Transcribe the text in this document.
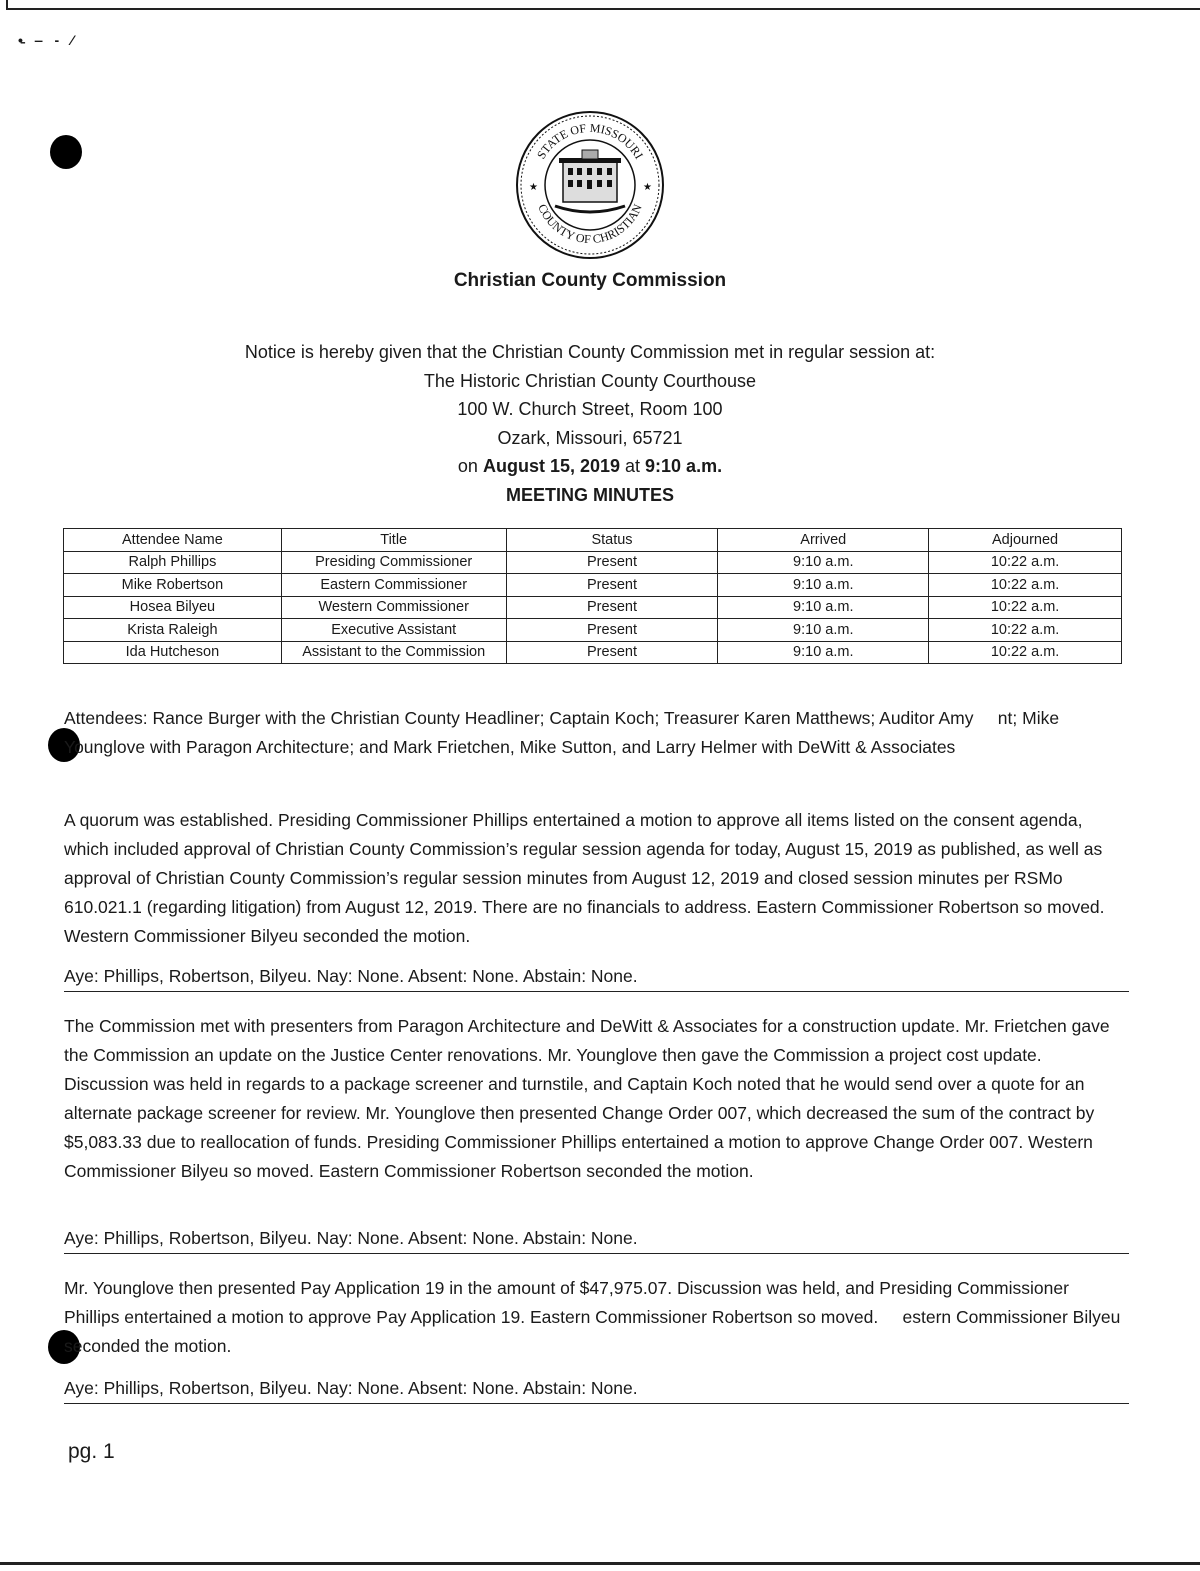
•̵ ‒ ‐ ⁄
STATE OF MISSOURI
COUNTY OF CHRISTIAN
★	★
Christian County Commission
Notice is hereby given that the Christian County Commission met in regular session at:
The Historic Christian County Courthouse
100 W. Church Street, Room 100
Ozark, Missouri, 65721
on August 15, 2019 at 9:10 a.m.
MEETING MINUTES
Attendee Name	Title	Status	Arrived	Adjourned
Ralph Phillips	Presiding Commissioner	Present	9:10 a.m.	10:22 a.m.
Mike Robertson	Eastern Commissioner	Present	9:10 a.m.	10:22 a.m.
Hosea Bilyeu	Western Commissioner	Present	9:10 a.m.	10:22 a.m.
Krista Raleigh	Executive Assistant	Present	9:10 a.m.	10:22 a.m.
Ida Hutcheson	Assistant to the Commission	Present	9:10 a.m.	10:22 a.m.
Attendees: Rance Burger with the Christian County Headliner; Captain Koch; Treasurer Karen Matthews; Auditor Amy     nt; Mike Younglove with Paragon Architecture; and Mark Frietchen, Mike Sutton, and Larry Helmer with DeWitt & Associates
A quorum was established. Presiding Commissioner Phillips entertained a motion to approve all items listed on the consent agenda, which included approval of Christian County Commission’s regular session agenda for today, August 15, 2019 as published, as well as approval of Christian County Commission’s regular session minutes from August 12, 2019 and closed session minutes per RSMo 610.021.1 (regarding litigation) from August 12, 2019. There are no financials to address. Eastern Commissioner Robertson so moved. Western Commissioner Bilyeu seconded the motion.
Aye: Phillips, Robertson, Bilyeu. Nay: None. Absent: None. Abstain: None.
The Commission met with presenters from Paragon Architecture and DeWitt & Associates for a construction update. Mr. Frietchen gave the Commission an update on the Justice Center renovations. Mr. Younglove then gave the Commission a project cost update. Discussion was held in regards to a package screener and turnstile, and Captain Koch noted that he would send over a quote for an alternate package screener for review. Mr. Younglove then presented Change Order 007, which decreased the sum of the contract by $5,083.33 due to reallocation of funds. Presiding Commissioner Phillips entertained a motion to approve Change Order 007. Western Commissioner Bilyeu so moved. Eastern Commissioner Robertson seconded the motion.
Aye: Phillips, Robertson, Bilyeu. Nay: None. Absent: None. Abstain: None.
Mr. Younglove then presented Pay Application 19 in the amount of $47,975.07. Discussion was held, and Presiding Commissioner Phillips entertained a motion to approve Pay Application 19. Eastern Commissioner Robertson so moved.     estern Commissioner Bilyeu seconded the motion.
Aye: Phillips, Robertson, Bilyeu. Nay: None. Absent: None. Abstain: None.
pg. 1
